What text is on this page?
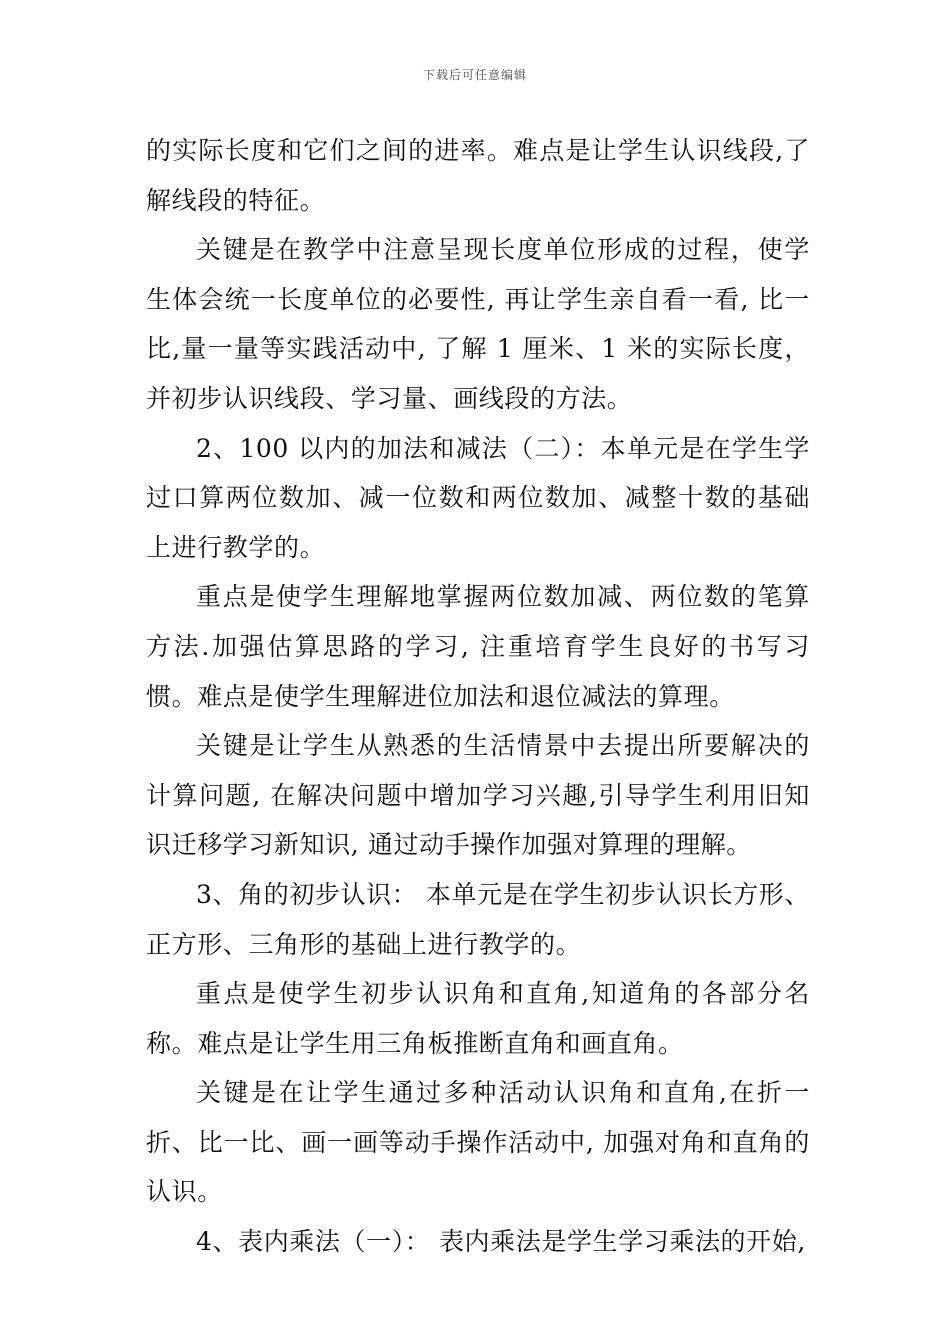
下载后可任意编辑

的实际长度和它们之间的进率。难点是让学生认识线段,了解线段的特征。

关键是在教学中注意呈现长度单位形成的过程，使学生体会统一长度单位的必要性, 再让学生亲自看一看, 比一比,量一量等实践活动中, 了解 1 厘米、1 米的实际长度，并初步认识线段、学习量、画线段的方法。

2、100 以内的加法和减法（二）：本单元是在学生学过口算两位数加、减一位数和两位数加、减整十数的基础上进行教学的。

重点是使学生理解地掌握两位数加减、两位数的笔算方法.加强估算思路的学习, 注重培育学生良好的书写习惯。难点是使学生理解进位加法和退位减法的算理。

关键是让学生从熟悉的生活情景中去提出所要解决的计算问题, 在解决问题中增加学习兴趣,引导学生利用旧知识迁移学习新知识, 通过动手操作加强对算理的理解。

3、角的初步认识： 本单元是在学生初步认识长方形、正方形、三角形的基础上进行教学的。

重点是使学生初步认识角和直角,知道角的各部分名称。难点是让学生用三角板推断直角和画直角。

关键是在让学生通过多种活动认识角和直角,在折一折、比一比、画一画等动手操作活动中, 加强对角和直角的认识。

4、表内乘法（一）： 表内乘法是学生学习乘法的开始,
